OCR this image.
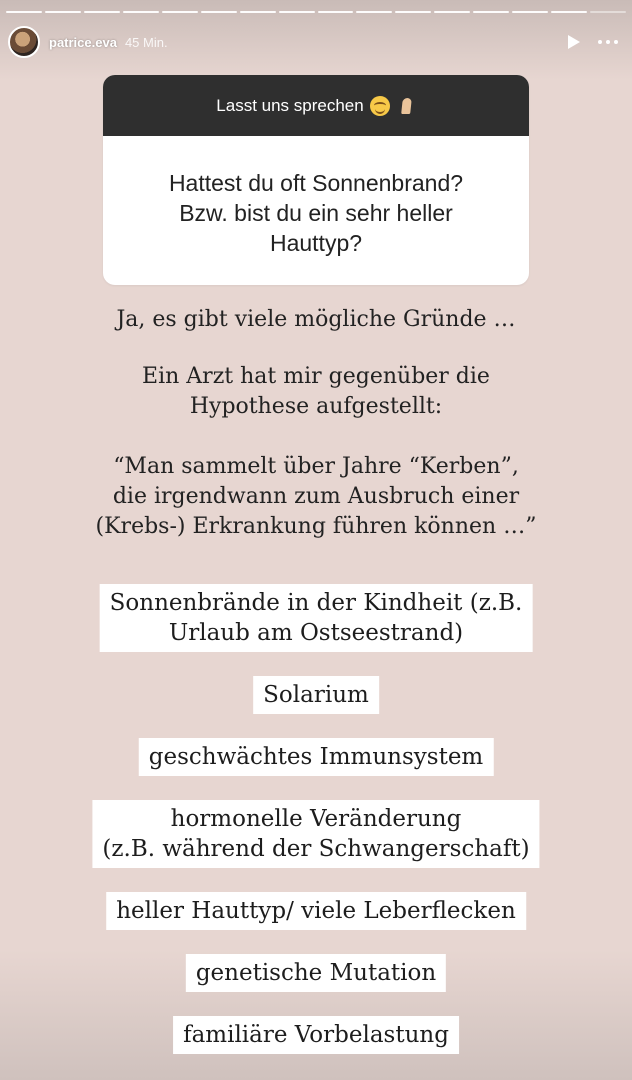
patrice.eva 45 Min.
Lasst uns sprechen
Hattest du oft Sonnenbrand?
Bzw. bist du ein sehr heller
Hauttyp?
Ja, es gibt viele mögliche Gründe …
Ein Arzt hat mir gegenüber die
Hypothese aufgestellt:
“Man sammelt über Jahre “Kerben”,
die irgendwann zum Ausbruch einer
(Krebs-) Erkrankung führen können …”
Sonnenbrände in der Kindheit (z.B.
Urlaub am Ostseestrand)
Solarium
geschwächtes Immunsystem
hormonelle Veränderung
(z.B. während der Schwangerschaft)
heller Hauttyp/ viele Leberflecken
genetische Mutation
familiäre Vorbelastung
